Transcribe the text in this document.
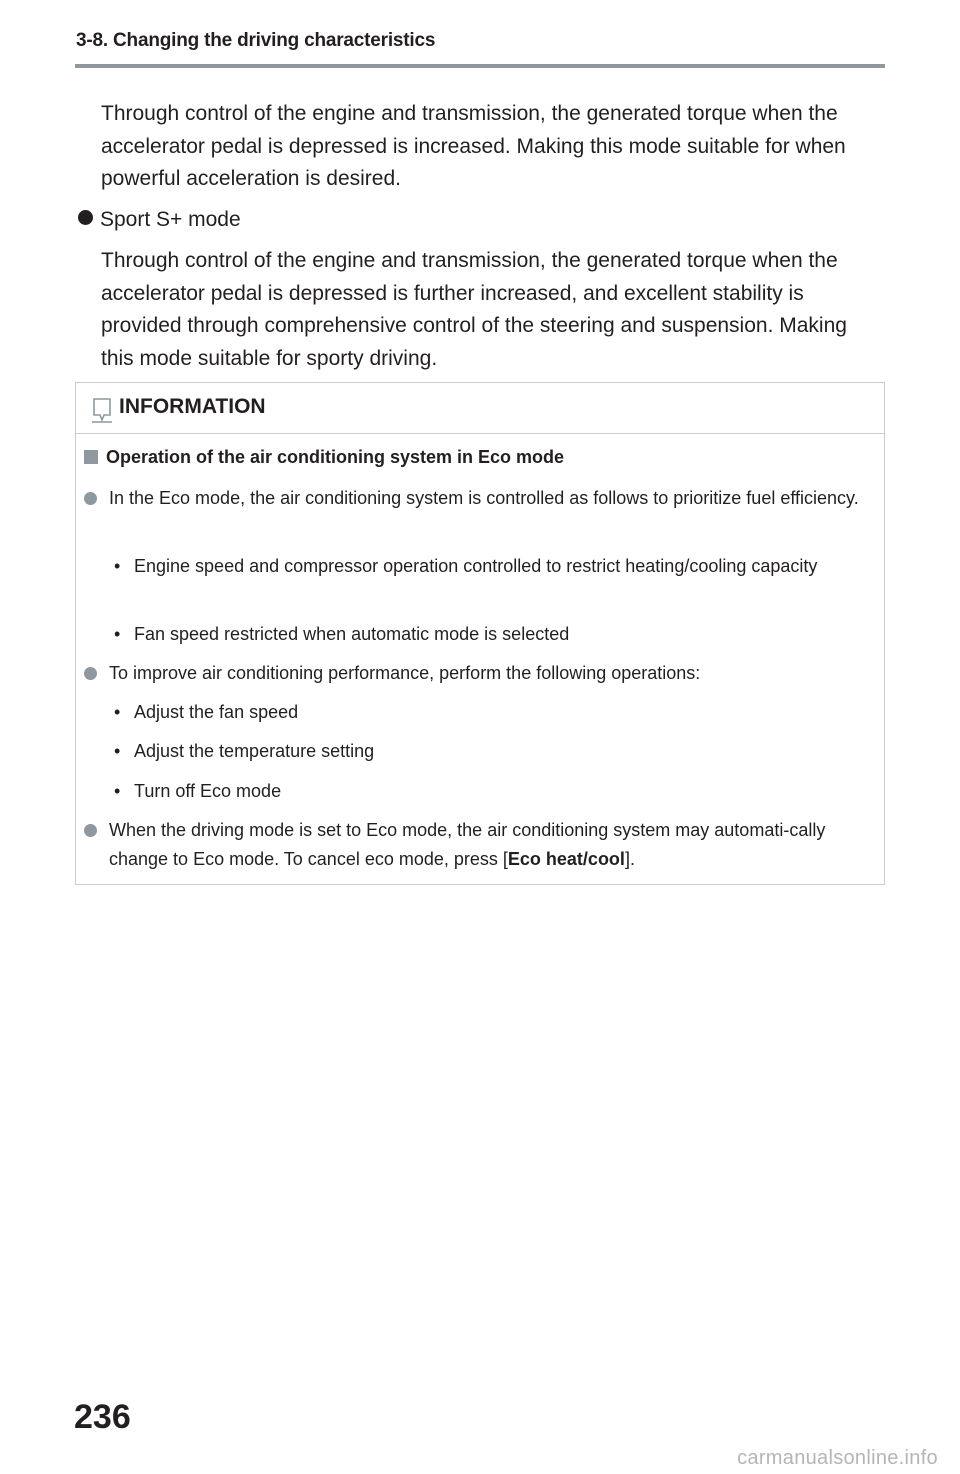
3-8. Changing the driving characteristics
Through control of the engine and transmission, the generated torque when the accelerator pedal is depressed is increased. Making this mode suitable for when powerful acceleration is desired.
Sport S+ mode
Through control of the engine and transmission, the generated torque when the accelerator pedal is depressed is further increased, and excellent stability is provided through comprehensive control of the steering and suspension. Making this mode suitable for sporty driving.
INFORMATION
Operation of the air conditioning system in Eco mode
In the Eco mode, the air conditioning system is controlled as follows to prioritize fuel efficiency.
• Engine speed and compressor operation controlled to restrict heating/cooling capacity
• Fan speed restricted when automatic mode is selected
To improve air conditioning performance, perform the following operations:
• Adjust the fan speed
• Adjust the temperature setting
• Turn off Eco mode
When the driving mode is set to Eco mode, the air conditioning system may automati-cally change to Eco mode. To cancel eco mode, press [Eco heat/cool].
236
carmanualsonline.info
